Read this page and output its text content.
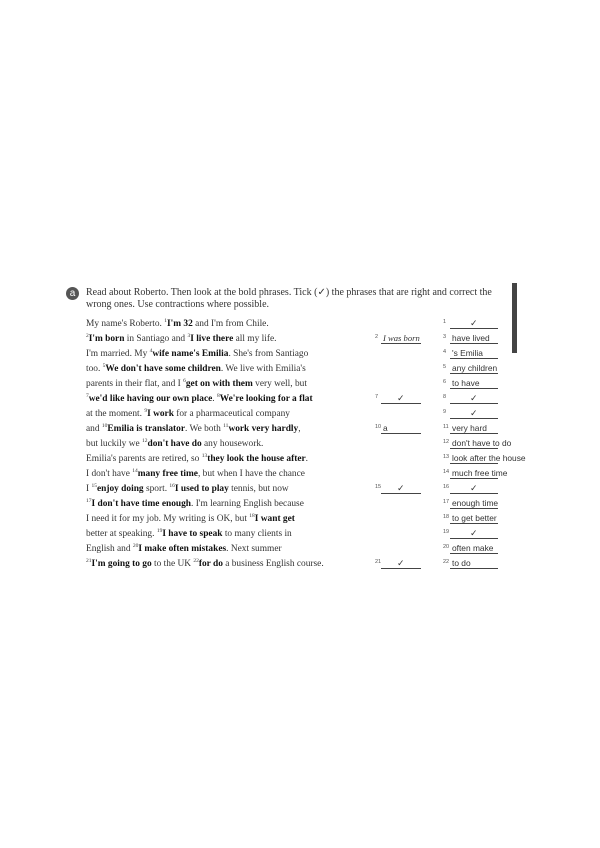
a	Read about Roberto. Then look at the bold phrases. Tick (✓) the phrases that are right and correct the wrong ones. Use contractions where possible.
My name's Roberto. $^1$I'm 32 and I'm from Chile.
$^2$I'm born in Santiago and $^3$I live there all my life.
I'm married. My $^4$wife name's Emilia. She's from Santiago
too. $^5$We don't have some children. We live with Emilia's
parents in their flat, and I $^6$get on with them very well, but
$^7$we'd like having our own place. $^8$We're looking for a flat
at the moment. $^9$I work for a pharmaceutical company
and $^{10}$Emilia is translator. We both $^{11}$work very hardly,
but luckily we $^{12}$don't have do any housework.
Emilia's parents are retired, so $^{13}$they look the house after.
I don't have $^{14}$many free time, but when I have the chance
I $^{15}$enjoy doing sport. $^{16}$I used to play tennis, but now
$^{17}$I don't have time enough. I'm learning English because
I need it for my job. My writing is OK, but $^{18}$I want get
better at speaking. $^{19}$I have to speak to many clients in
English and $^{20}$I make often mistakes. Next summer
$^{21}$I'm going to go to the UK $^{22}$for do a business English course.
2 I was born
7 ✓
10 a
15 ✓
21 ✓
1	✓
3 have lived
4 's Emilia
5 any children
6 to have
8	✓
9	✓
11 very hard
12 don't have to do
13 look after the house
14 much free time
16 ✓
17 enough time
18 to get better
19 ✓
20 often make
22 to do
